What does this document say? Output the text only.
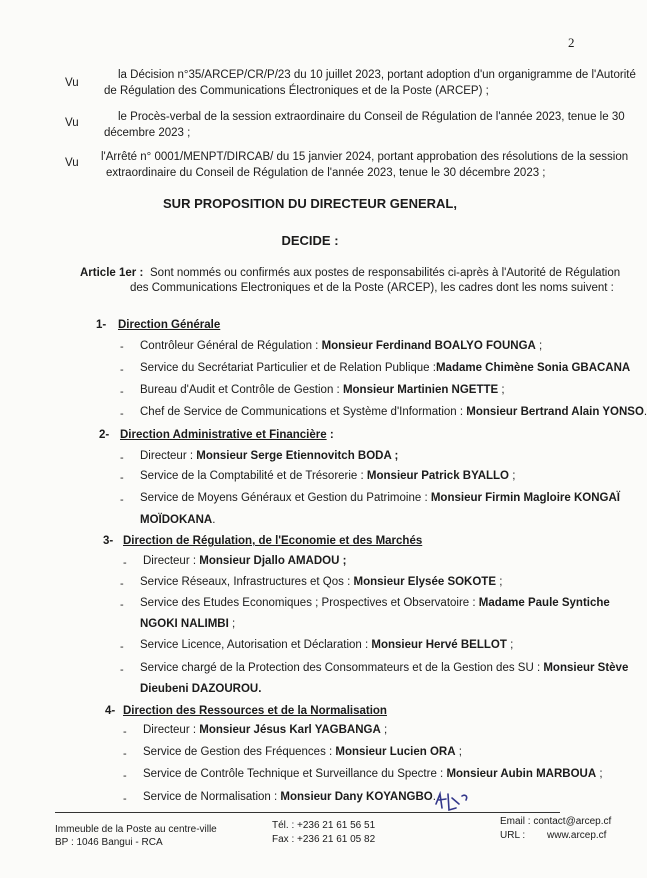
2
Vu
la Décision n°35/ARCEP/CR/P/23 du 10 juillet 2023, portant adoption d'un organigramme de l'Autorité
de Régulation des Communications Électroniques et de la Poste (ARCEP) ;
Vu	le Procès-verbal de la session extraordinaire du Conseil de Régulation de l'année 2023, tenue le 30
décembre 2023 ;
Vu l'Arrêté n° 0001/MENPT/DIRCAB/ du 15 janvier 2024, portant approbation des résolutions de la session
extraordinaire du Conseil de Régulation de l'année 2023, tenue le 30 décembre 2023 ;
SUR PROPOSITION DU DIRECTEUR GENERAL,
DECIDE :
Article 1er : Sont nommés ou confirmés aux postes de responsabilités ci-après à l'Autorité de Régulation
des Communications Electroniques et de la Poste (ARCEP), les cadres dont les noms suivent :
1- Direction Générale
- Contrôleur Général de Régulation : Monsieur Ferdinand BOALYO FOUNGA ;
- Service du Secrétariat Particulier et de Relation Publique :Madame Chimène Sonia GBACANA
- Bureau d'Audit et Contrôle de Gestion : Monsieur Martinien NGETTE ;
- Chef de Service de Communications et Système d'Information : Monsieur Bertrand Alain YONSO.
2- Direction Administrative et Financière :
- Directeur : Monsieur Serge Etiennovitch BODA ;
- Service de la Comptabilité et de Trésorerie : Monsieur Patrick BYALLO ;
- Service de Moyens Généraux et Gestion du Patrimoine : Monsieur Firmin Magloire KONGAÏ
MOÏDOKANA.
3- Direction de Régulation, de l'Economie et des Marchés
- Directeur : Monsieur Djallo AMADOU ;
- Service Réseaux, Infrastructures et Qos : Monsieur Elysée SOKOTE ;
- Service des Etudes Economiques ; Prospectives et Observatoire : Madame Paule Syntiche
NGOKI NALIMBI ;
- Service Licence, Autorisation et Déclaration : Monsieur Hervé BELLOT ;
- Service chargé de la Protection des Consommateurs et de la Gestion des SU : Monsieur Stève
Dieubeni DAZOUROU.
4- Direction des Ressources et de la Normalisation
- Directeur : Monsieur Jésus Karl YAGBANGA ;
- Service de Gestion des Fréquences : Monsieur Lucien ORA ;
- Service de Contrôle Technique et Surveillance du Spectre : Monsieur Aubin MARBOUA ;
- Service de Normalisation : Monsieur Dany KOYANGBO.
Immeuble de la Poste au centre-ville
BP : 1046 Bangui - RCA
Tél. : +236 21 61 56 51
Fax : +236 21 61 05 82
Email : contact@arcep.cf
URL : www.arcep.cf
